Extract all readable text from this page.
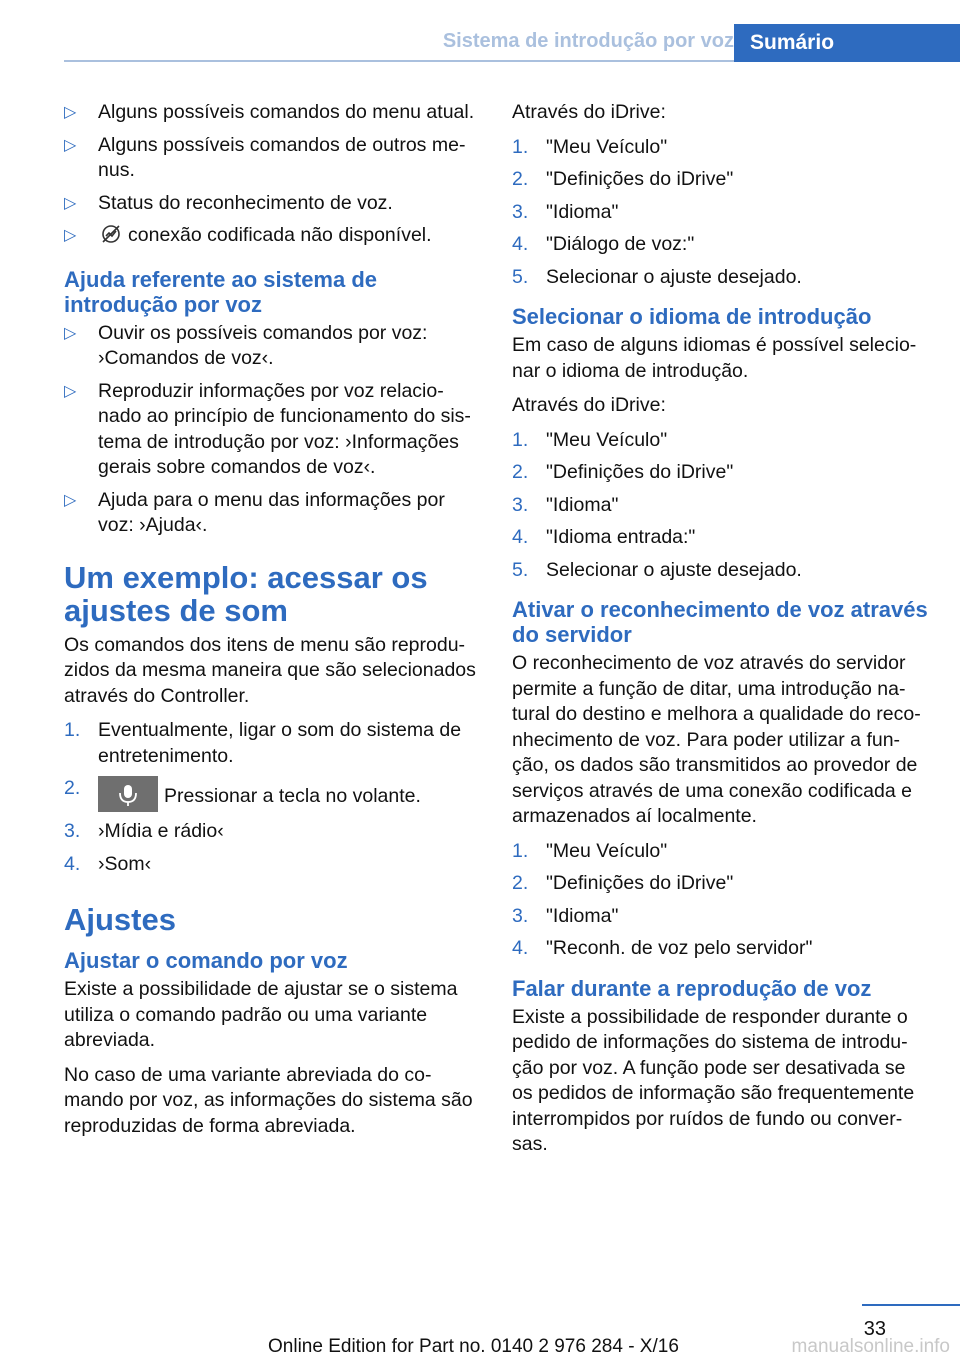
Sistema de introdução por voz Sumário
▷ Alguns possíveis comandos do menu atual.
▷ Alguns possíveis comandos de outros me‐nus.
▷ Status do reconhecimento de voz.
▷	conexão codificada não disponível.
Ajuda referente ao sistema de introdução por voz
▷ Ouvir os possíveis comandos por voz: ›Comandos de voz‹.
▷ Reproduzir informações por voz relacio‐nado ao princípio de funcionamento do sis‐tema de introdução por voz: ›Informações gerais sobre comandos de voz‹.
▷ Ajuda para o menu das informações por voz: ›Ajuda‹.
Um exemplo: acessar os ajustes de som

Os comandos dos itens de menu são reprodu‐zidos da mesma maneira que são selecionados através do Controller.

1. Eventualmente, ligar o som do sistema de entretenimento.
2.	Pressionar a tecla no volante.
3. ›Mídia e rádio‹
4. ›Som‹
Ajustes
Ajustar o comando por voz

Existe a possibilidade de ajustar se o sistema utiliza o comando padrão ou uma variante abreviada.

No caso de uma variante abreviada do co‐mando por voz, as informações do sistema são reproduzidas de forma abreviada.

Através do iDrive:

1. "Meu Veículo"
2. "Definições do iDrive"
3. "Idioma"
4. "Diálogo de voz:"
5. Selecionar o ajuste desejado.
Selecionar o idioma de introdução

Em caso de alguns idiomas é possível selecio‐nar o idioma de introdução.

Através do iDrive:

1. "Meu Veículo"
2. "Definições do iDrive"
3. "Idioma"
4. "Idioma entrada:"
5. Selecionar o ajuste desejado.
Ativar o reconhecimento de voz através do servidor

O reconhecimento de voz através do servidor permite a função de ditar, uma introdução na‐tural do destino e melhora a qualidade do reco‐nhecimento de voz. Para poder utilizar a fun‐ção, os dados são transmitidos ao provedor de serviços através de uma conexão codificada e armazenados aí localmente.

1. "Meu Veículo"
2. "Definições do iDrive"
3. "Idioma"
4. "Reconh. de voz pelo servidor"
Falar durante a reprodução de voz

Existe a possibilidade de responder durante o pedido de informações do sistema de introdu‐ção por voz. A função pode ser desativada se os pedidos de informação são frequentemente interrompidos por ruídos de fundo ou conver‐sas.

33
Online Edition for Part no. 0140 2 976 284 - X/16	manualsonline.info
